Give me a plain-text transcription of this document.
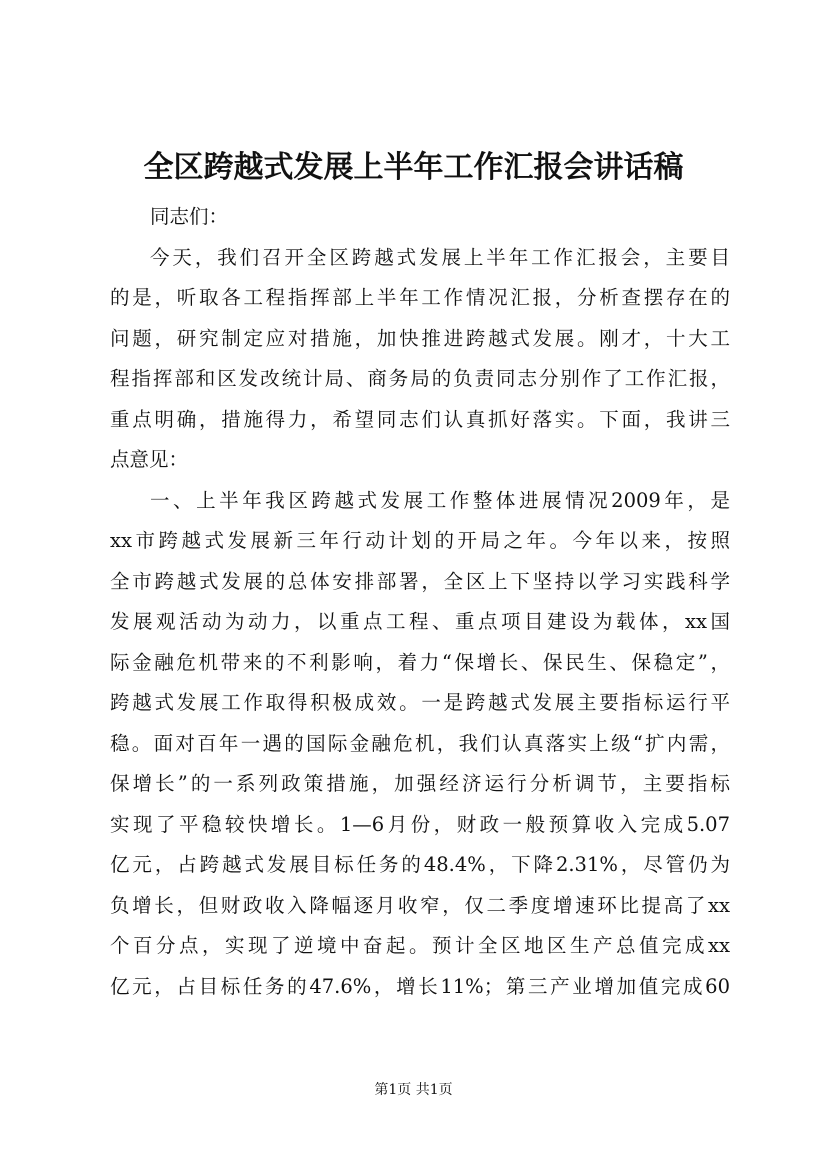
全区跨越式发展上半年工作汇报会讲话稿
同志们：
今天，我们召开全区跨越式发展上半年工作汇报会，主要目
的是，听取各工程指挥部上半年工作情况汇报，分析查摆存在的
问题，研究制定应对措施，加快推进跨越式发展。刚才，十大工
程指挥部和区发改统计局、商务局的负责同志分别作了工作汇报，
重点明确，措施得力，希望同志们认真抓好落实。下面，我讲三
点意见：
一、上半年我区跨越式发展工作整体进展情况2009年，是
xx市跨越式发展新三年行动计划的开局之年。今年以来，按照
全市跨越式发展的总体安排部署，全区上下坚持以学习实践科学
发展观活动为动力，以重点工程、重点项目建设为载体，xx国
际金融危机带来的不利影响，着力“保增长、保民生、保稳定”，
跨越式发展工作取得积极成效。一是跨越式发展主要指标运行平
稳。面对百年一遇的国际金融危机，我们认真落实上级“扩内需，
保增长”的一系列政策措施，加强经济运行分析调节，主要指标
实现了平稳较快增长。1—6月份，财政一般预算收入完成5.07
亿元，占跨越式发展目标任务的48.4%，下降2.31%，尽管仍为
负增长，但财政收入降幅逐月收窄，仅二季度增速环比提高了xx
个百分点，实现了逆境中奋起。预计全区地区生产总值完成xx
亿元，占目标任务的47.6%，增长11%；第三产业增加值完成60
第1页 共1页
